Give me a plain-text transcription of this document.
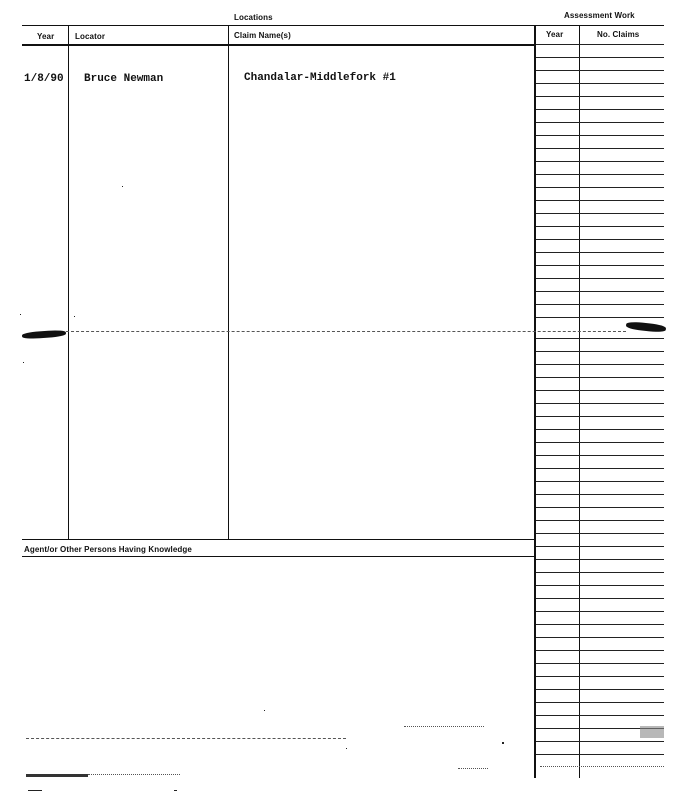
Locations	Assessment Work
Year	Locator	Claim Name(s)	Year	No. Claims
Agent/or Other Persons Having Knowledge
1/8/90 Bruce Newman	Chandalar-Middlefork #1
